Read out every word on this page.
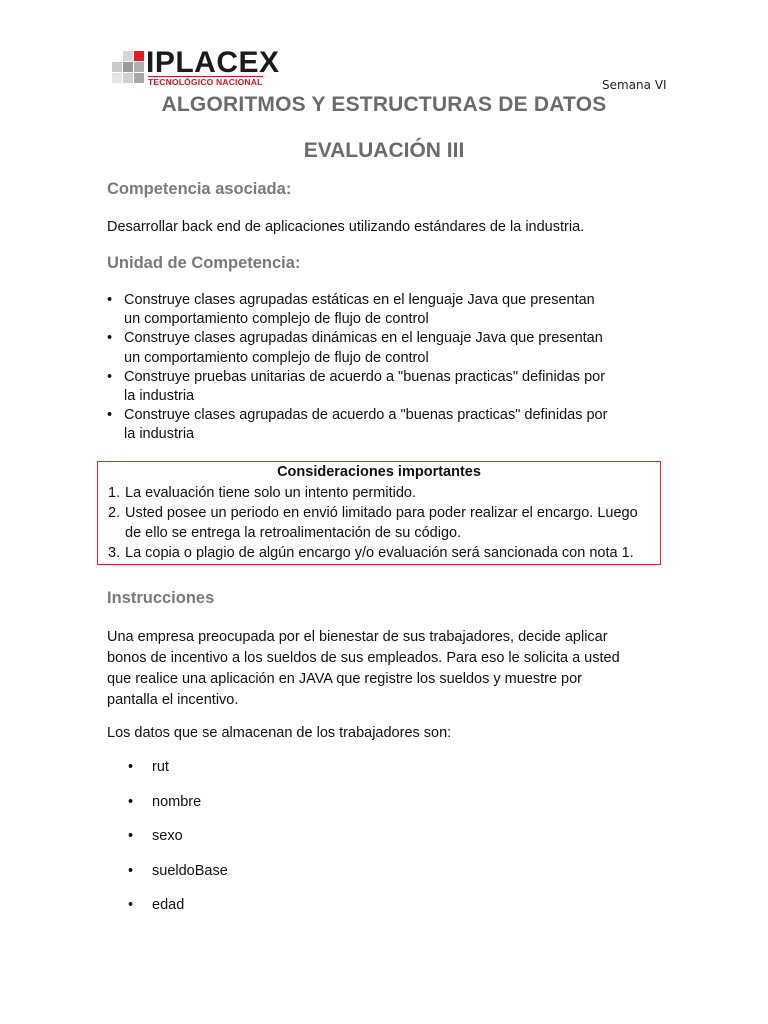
IPLACEX
TECNOLÓGICO NACIONAL	Semana VI
ALGORITMOS Y ESTRUCTURAS DE DATOS
EVALUACIÓN III
Competencia asociada:
Desarrollar back end de aplicaciones utilizando estándares de la industria.
Unidad de Competencia:
• Construye clases agrupadas estáticas en el lenguaje Java que presentan
un comportamiento complejo de flujo de control
• Construye clases agrupadas dinámicas en el lenguaje Java que presentan
un comportamiento complejo de flujo de control
• Construye pruebas unitarias de acuerdo a "buenas practicas" definidas por
la industria
• Construye clases agrupadas de acuerdo a "buenas practicas" definidas por
la industria
Consideraciones importantes
1. La evaluación tiene solo un intento permitido.
2. Usted posee un periodo en envió limitado para poder realizar el encargo. Luego
de ello se entrega la retroalimentación de su código.
3. La copia o plagio de algún encargo y/o evaluación será sancionada con nota 1.
Instrucciones
Una empresa preocupada por el bienestar de sus trabajadores, decide aplicar
bonos de incentivo a los sueldos de sus empleados. Para eso le solicita a usted
que realice una aplicación en JAVA que registre los sueldos y muestre por
pantalla el incentivo.
Los datos que se almacenan de los trabajadores son:
• rut
• nombre
• sexo
• sueldoBase
• edad
